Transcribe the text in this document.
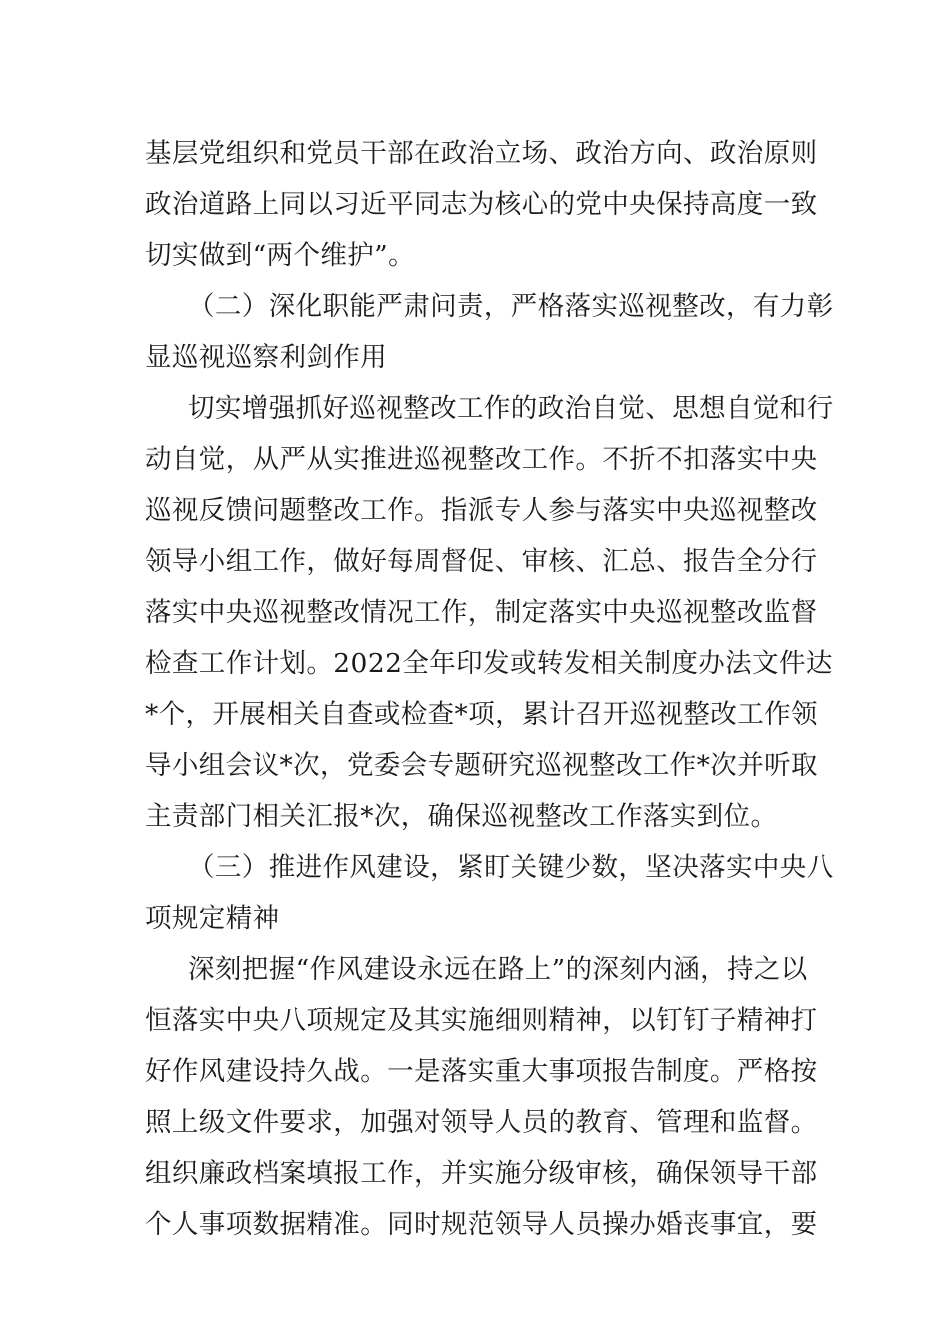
基层党组织和党员干部在政治立场、政治方向、政治原则
政治道路上同以习近平同志为核心的党中央保持高度一致
切实做到“两个维护”。
（二）深化职能严肃问责，严格落实巡视整改，有力彰
显巡视巡察利剑作用
切实增强抓好巡视整改工作的政治自觉、思想自觉和行
动自觉，从严从实推进巡视整改工作。不折不扣落实中央
巡视反馈问题整改工作。指派专人参与落实中央巡视整改
领导小组工作，做好每周督促、审核、汇总、报告全分行
落实中央巡视整改情况工作，制定落实中央巡视整改监督
检查工作计划。2022全年印发或转发相关制度办法文件达
*个，开展相关自查或检查*项，累计召开巡视整改工作领
导小组会议*次，党委会专题研究巡视整改工作*次并听取
主责部门相关汇报*次，确保巡视整改工作落实到位。
（三）推进作风建设，紧盯关键少数，坚决落实中央八
项规定精神
深刻把握“作风建设永远在路上”的深刻内涵，持之以
恒落实中央八项规定及其实施细则精神，以钉钉子精神打
好作风建设持久战。一是落实重大事项报告制度。严格按
照上级文件要求，加强对领导人员的教育、管理和监督。
组织廉政档案填报工作，并实施分级审核，确保领导干部
个人事项数据精准。同时规范领导人员操办婚丧事宜，要
